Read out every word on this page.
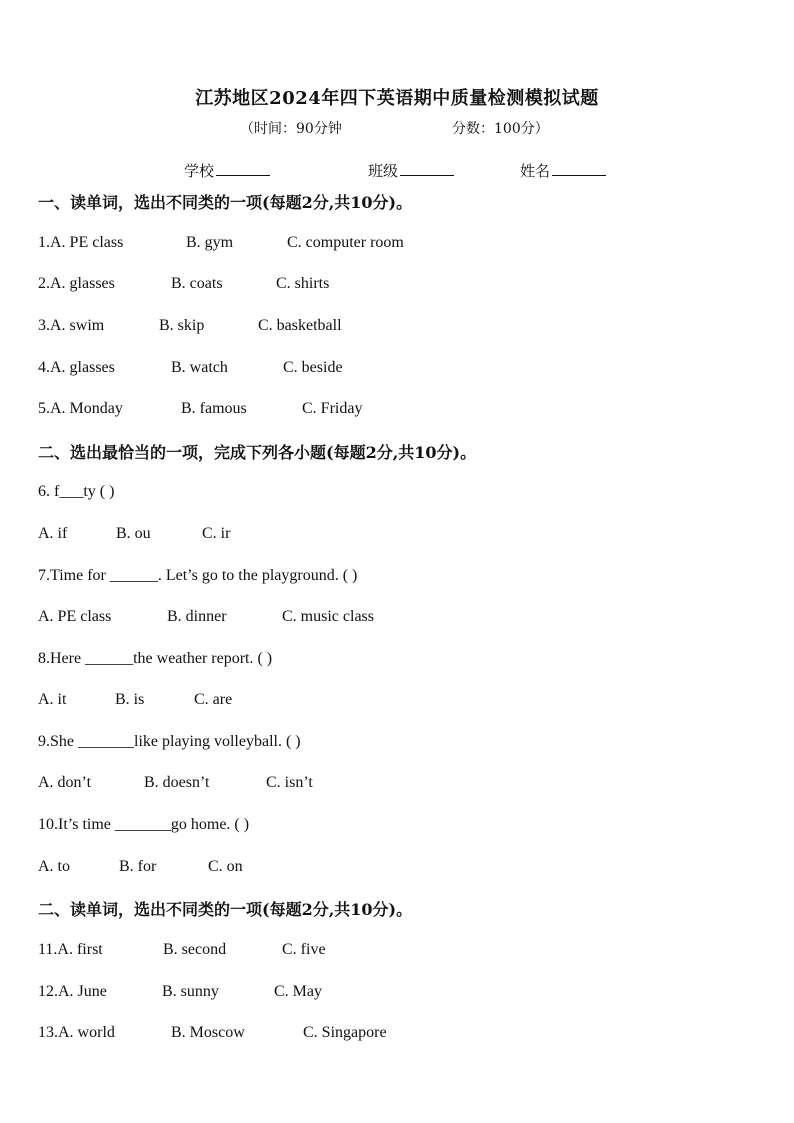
江苏地区2024年四下英语期中质量检测模拟试题
（时间：90分钟	分数：100分）
学校	班级	姓名
一、读单词，选出不同类的一项(每题2分,共10分)。
1.A. PE class	B. gym	C. computer room
2.A. glasses	B. coats	C. shirts
3.A. swim	B. skip	C. basketball
4.A. glasses	B. watch	C. beside
5.A. Monday	B. famous	C. Friday
二、选出最恰当的一项，完成下列各小题(每题2分,共10分)。
6. f___ty ( )
A. if	B. ou	C. ir
7.Time for ______. Let’s go to the playground. ( )
A. PE class	B. dinner	C. music class
8.Here ______the weather report. ( )
A. it	B. is	C. are
9.She _______like playing volleyball. ( )
A. don’t	B. doesn’t	C. isn’t
10.It’s time _______go home. ( )
A. to	B. for	C. on
二、读单词，选出不同类的一项(每题2分,共10分)。
11.A. first	B. second	C. five
12.A. June	B. sunny	C. May
13.A. world	B. Moscow	C. Singapore
